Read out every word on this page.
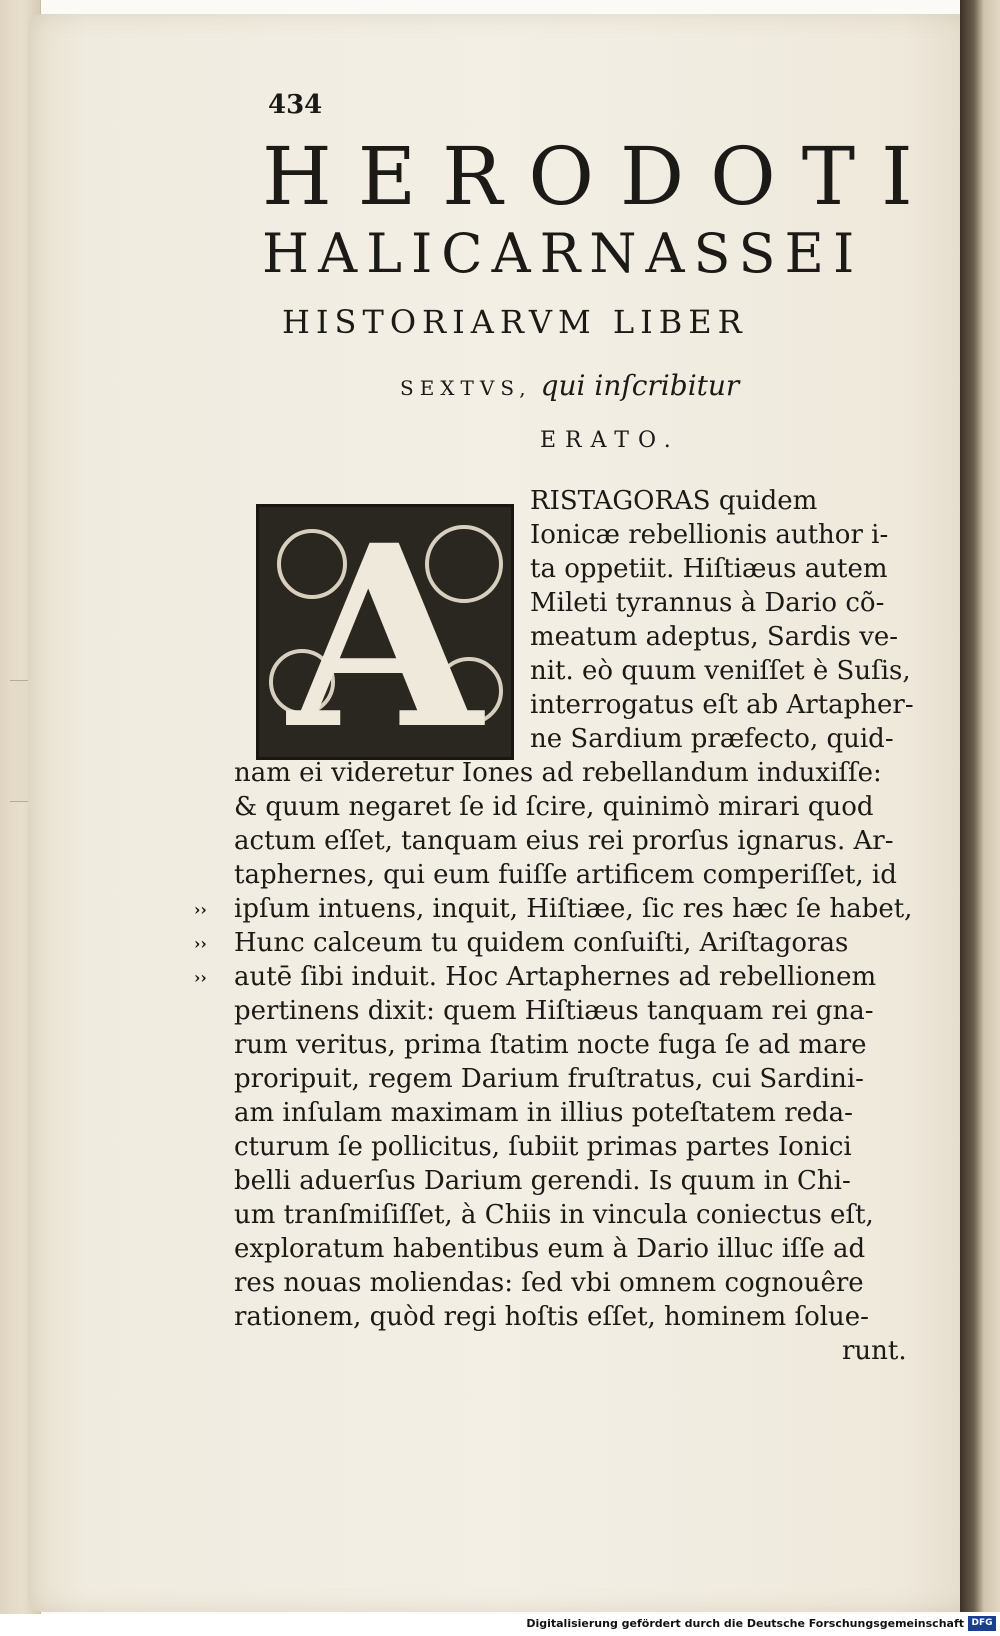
434
HERODOTI
HALICARNASSEI
HISTORIARVM LIBER
SEXTVS, qui inſcribitur
ERATO.
A	RISTAGORAS quidem
Ionicæ rebellionis author i-
ta oppetiit. Hiſtiæus autem
Mileti tyrannus à Dario cõ-
meatum adeptus, Sardis ve-
nit. eò quum veniſſet è Suſis,
interrogatus eſt ab Artapher-
ne Sardium præfecto, quid-
nam ei videretur Iones ad rebellandum induxiſſe:
& quum negaret ſe id ſcire, quinimò mirari quod
actum eſſet, tanquam eius rei prorſus ignarus. Ar-
taphernes, qui eum fuiſſe artificem comperiſſet, id
ipſum intuens, inquit, Hiſtiæe, ſic res hæc ſe habet,
Hunc calceum tu quidem conſuiſti, Ariſtagoras
autē ſibi induit. Hoc Artaphernes ad rebellionem
pertinens dixit: quem Hiſtiæus tanquam rei gna-
rum veritus, prima ſtatim nocte fuga ſe ad mare
proripuit, regem Darium fruſtratus, cui Sardini-
am inſulam maximam in illius poteſtatem reda-
cturum ſe pollicitus, ſubiit primas partes Ionici
belli aduerſus Darium gerendi. Is quum in Chi-
um tranſmiſiſſet, à Chiis in vincula coniectus eſt,
exploratum habentibus eum à Dario illuc iſſe ad
res nouas moliendas: ſed vbi omnem cognouêre
rationem, quòd regi hoſtis eſſet, hominem ſolue-
runt.
››
››
››
Digitalisierung gefördert durch die Deutsche Forschungsgemeinschaft DFG
